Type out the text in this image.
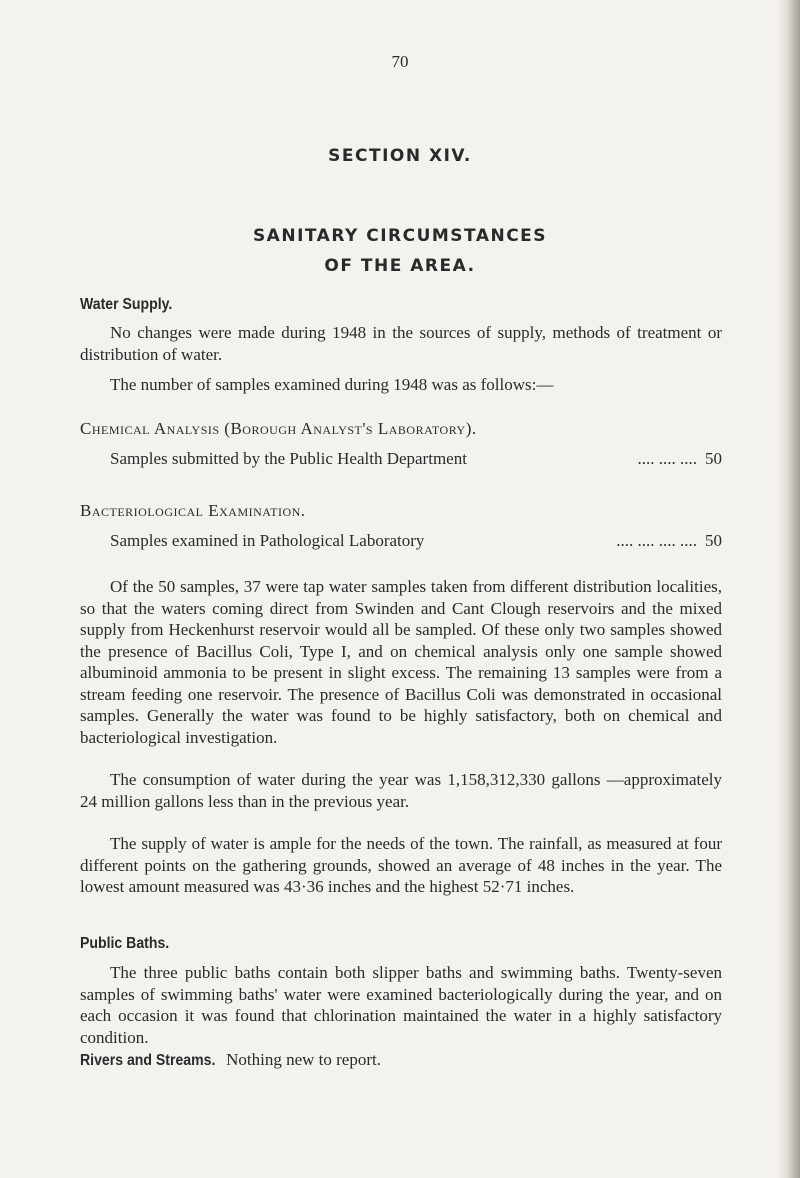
70
SECTION XIV.
SANITARY CIRCUMSTANCES
OF THE AREA.
Water Supply.
No changes were made during 1948 in the sources of supply, methods of treatment or distribution of water.
The number of samples examined during 1948 was as follows:—
Chemical Analysis (Borough Analyst's Laboratory).
Samples submitted by the Public Health Department	.... .... .... 50
Bacteriological Examination.
Samples examined in Pathological Laboratory	.... .... .... .... 50
Of the 50 samples, 37 were tap water samples taken from different distribution localities, so that the waters coming direct from Swinden and Cant Clough reservoirs and the mixed supply from Heckenhurst reservoir would all be sampled. Of these only two samples showed the presence of Bacillus Coli, Type I, and on chemical analysis only one sample showed albuminoid ammonia to be present in slight excess. The remaining 13 samples were from a stream feeding one reservoir. The presence of Bacillus Coli was demonstrated in occasional samples. Generally the water was found to be highly satisfactory, both on chemical and bacteriological investigation.
The consumption of water during the year was 1,158,312,330 gallons —approximately 24 million gallons less than in the previous year.
The supply of water is ample for the needs of the town. The rainfall, as measured at four different points on the gathering grounds, showed an average of 48 inches in the year. The lowest amount measured was 43·36 inches and the highest 52·71 inches.
Public Baths.
The three public baths contain both slipper baths and swimming baths. Twenty-seven samples of swimming baths' water were examined bacteriologically during the year, and on each occasion it was found that chlorination maintained the water in a highly satisfactory condition.
Rivers and Streams. Nothing new to report.
